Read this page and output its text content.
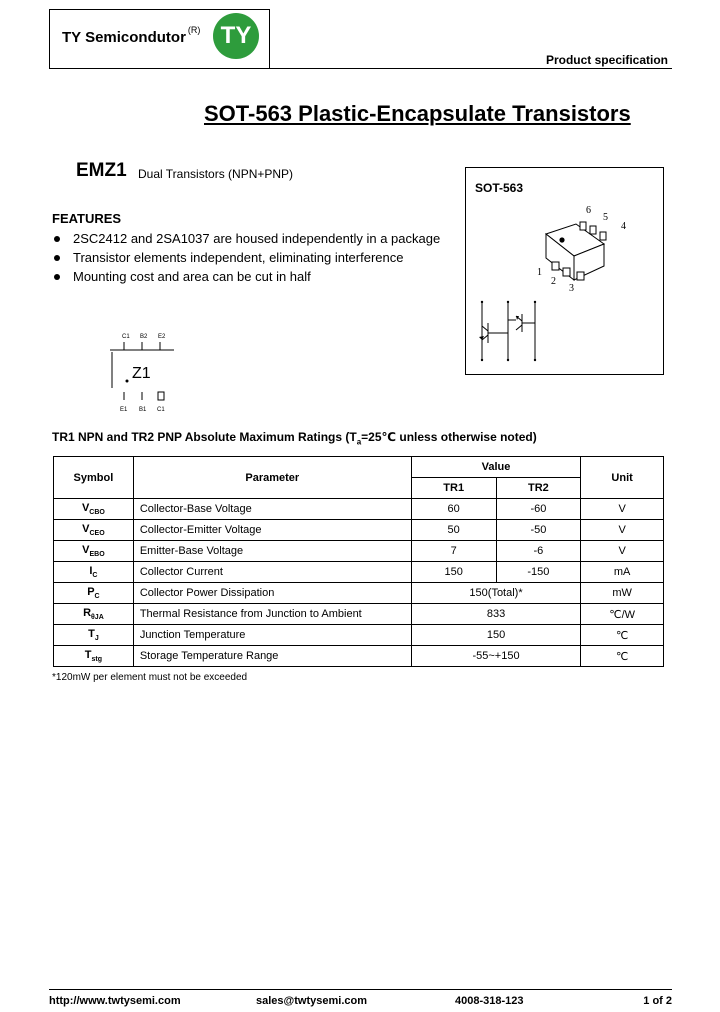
TY Semicondutor $^{(R)}$ TY
Product specification
SOT-563 Plastic-Encapsulate Transistors
EMZ1 Dual Transistors (NPN+PNP)
FEATURES
2SC2412 and 2SA1037 are housed independently in a package
Transistor elements independent, eliminating interference
Mounting cost and area can be cut in half
SOT-563
6
5
4
1
2
3
C1 B2 E2
Z1
E1 B1 C1
TR1 NPN and TR2 PNP Absolute Maximum Ratings ($T_a=25℃$ unless otherwise noted)
Symbol	Parameter	Value		Unit
		TR1	TR2	
$V_{CBO}$	Collector-Base Voltage	60	-60	V
$V_{CEO}$	Collector-Emitter Voltage	50	-50	V
$V_{EBO}$	Emitter-Base Voltage	7	-6	V
$I_C$	Collector Current	150	-150	mA
$P_C$	Collector Power Dissipation	150(Total)*		mW
$R_{\theta JA}$	Thermal Resistance from Junction to Ambient	833		℃/W
$T_J$	Junction Temperature	150		℃
$T_{stg}$	Storage Temperature Range	-55~+150		℃
*120mW per element must not be exceeded
http://www.twtysemi.com	sales@twtysemi.com	4008-318-123	1 of 2
